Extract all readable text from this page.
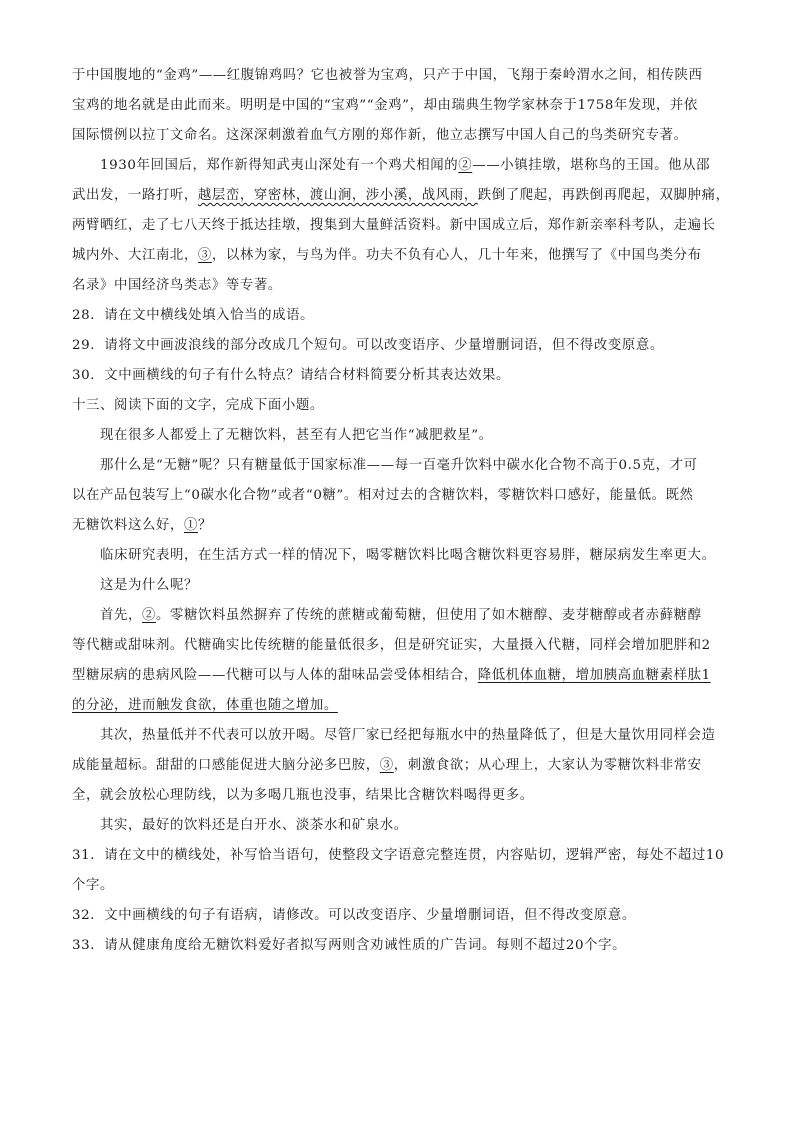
于中国腹地的“金鸡”——红腹锦鸡吗？它也被誉为宝鸡，只产于中国，飞翔于秦岭渭水之间，相传陕西
宝鸡的地名就是由此而来。明明是中国的“宝鸡”“金鸡”，却由瑞典生物学家林奈于1758年发现，并依
国际惯例以拉丁文命名。这深深刺激着血气方刚的郑作新，他立志撰写中国人自己的鸟类研究专著。
1930年回国后，郑作新得知武夷山深处有一个鸡犬相闻的②——小镇挂墩，堪称鸟的王国。他从邵
武出发，一路打听，越层峦，穿密林，渡山涧，涉小溪，战风雨，跌倒了爬起，再跌倒再爬起，双脚肿痛，
两臂晒红，走了七八天终于抵达挂墩，搜集到大量鲜活资料。新中国成立后，郑作新亲率科考队，走遍长
城内外、大江南北，③，以林为家，与鸟为伴。功夫不负有心人，几十年来，他撰写了《中国鸟类分布
名录》中国经济鸟类志》等专著。
28．请在文中横线处填入恰当的成语。
29．请将文中画波浪线的部分改成几个短句。可以改变语序、少量增删词语，但不得改变原意。
30．文中画横线的句子有什么特点？请结合材料简要分析其表达效果。
十三、阅读下面的文字，完成下面小题。
现在很多人都爱上了无糖饮料，甚至有人把它当作“减肥救星”。
那什么是“无糖”呢？只有糖量低于国家标准——每一百毫升饮料中碳水化合物不高于0.5克，才可
以在产品包装写上“0碳水化合物”或者“0糖”。相对过去的含糖饮料，零糖饮料口感好，能量低。既然
无糖饮料这么好，①？
临床研究表明，在生活方式一样的情况下，喝零糖饮料比喝含糖饮料更容易胖，糖尿病发生率更大。
这是为什么呢？
首先，②。零糖饮料虽然摒弃了传统的蔗糖或葡萄糖，但使用了如木糖醇、麦芽糖醇或者赤藓糖醇
等代糖或甜味剂。代糖确实比传统糖的能量低很多，但是研究证实，大量摄入代糖，同样会增加肥胖和2
型糖尿病的患病风险——代糖可以与人体的甜味品尝受体相结合，降低机体血糖，增加胰高血糖素样肽1
的分泌，进而触发食欲，体重也随之增加。
其次，热量低并不代表可以放开喝。尽管厂家已经把每瓶水中的热量降低了，但是大量饮用同样会造
成能量超标。甜甜的口感能促进大脑分泌多巴胺，③，刺激食欲；从心理上，大家认为零糖饮料非常安
全，就会放松心理防线，以为多喝几瓶也没事，结果比含糖饮料喝得更多。
其实，最好的饮料还是白开水、淡茶水和矿泉水。
31．请在文中的横线处，补写恰当语句，使整段文字语意完整连贯，内容贴切，逻辑严密，每处不超过10
个字。
32．文中画横线的句子有语病，请修改。可以改变语序、少量增删词语，但不得改变原意。
33．请从健康角度给无糖饮料爱好者拟写两则含劝诫性质的广告词。每则不超过20个字。
